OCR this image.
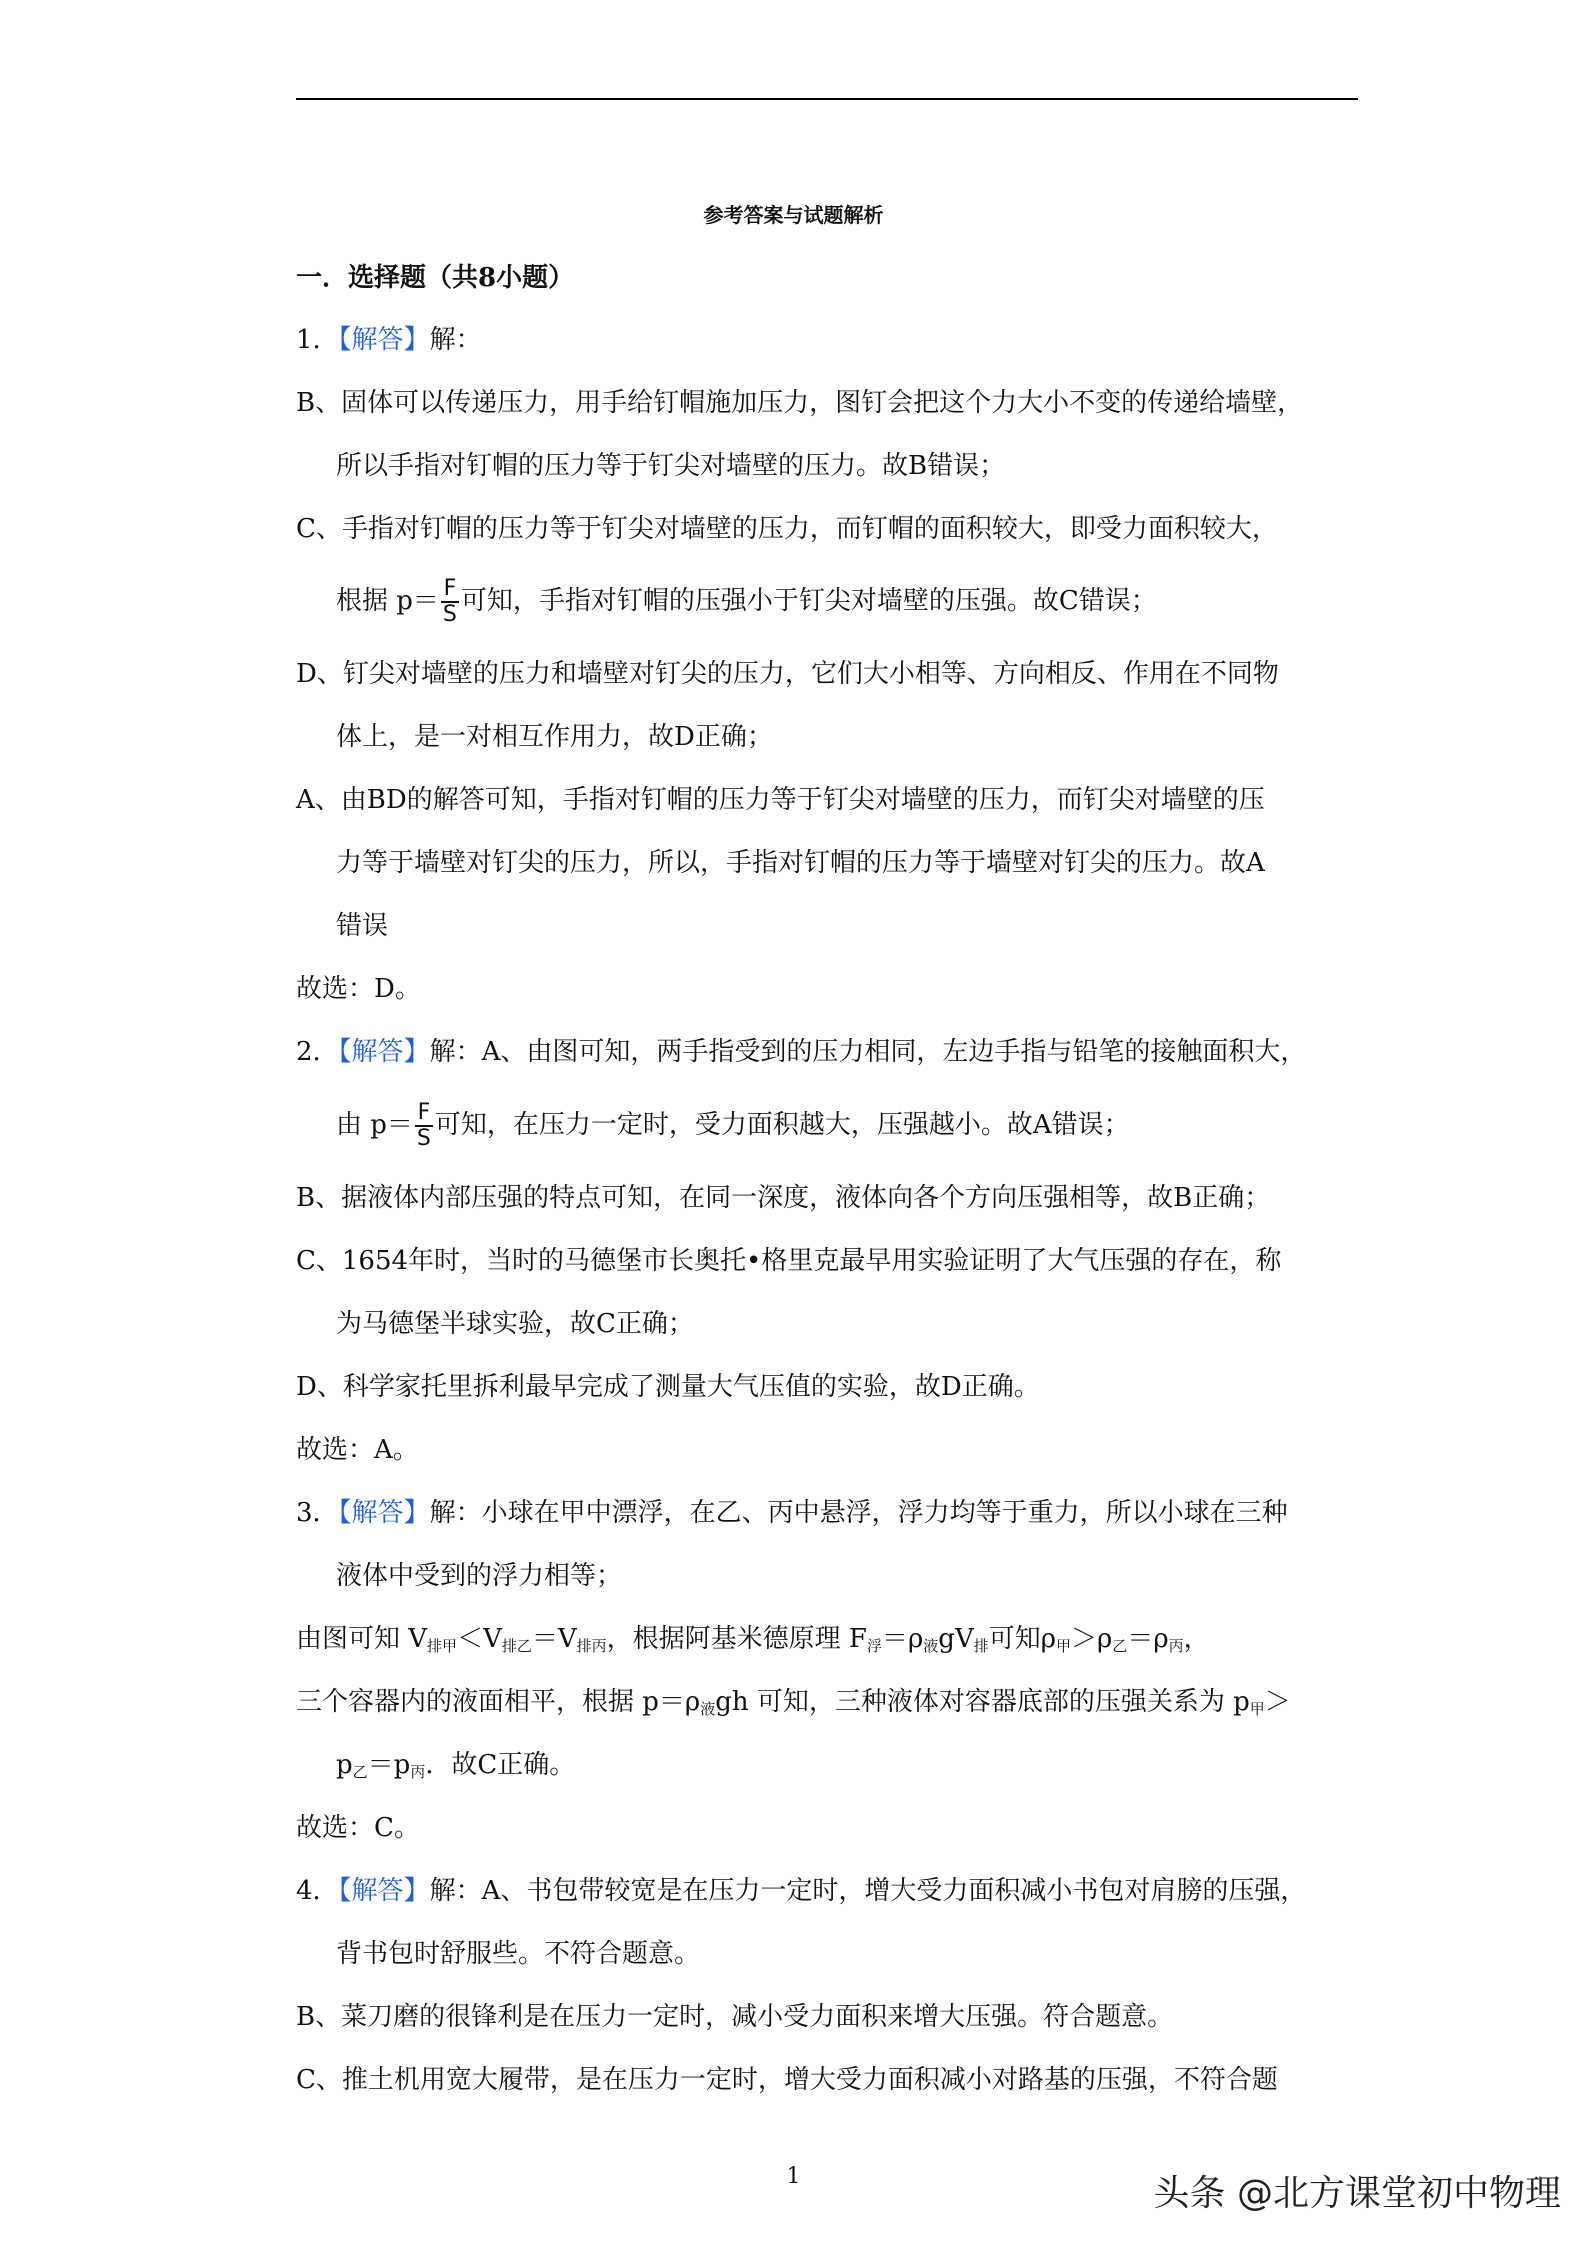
参考答案与试题解析
一．选择题（共8小题）
1．【解答】解：
B、固体可以传递压力，用手给钉帽施加压力，图钉会把这个力大小不变的传递给墙壁，
所以手指对钉帽的压力等于钉尖对墙壁的压力。故B错误；
C、手指对钉帽的压力等于钉尖对墙壁的压力，而钉帽的面积较大，即受力面积较大，
根据 $p= \frac{F}{S}$ 可知，手指对钉帽的压强小于钉尖对墙壁的压强。故C错误；
D、钉尖对墙壁的压力和墙壁对钉尖的压力，它们大小相等、方向相反、作用在不同物
体上，是一对相互作用力，故D正确；
A、由BD的解答可知，手指对钉帽的压力等于钉尖对墙壁的压力，而钉尖对墙壁的压
力等于墙壁对钉尖的压力，所以，手指对钉帽的压力等于墙壁对钉尖的压力。故A
错误
故选：D。
2．【解答】解：A、由图可知，两手指受到的压力相同，左边手指与铅笔的接触面积大，
由 $p= \frac{F}{S}$ 可知，在压力一定时，受力面积越大，压强越小。故A错误；
B、据液体内部压强的特点可知，在同一深度，液体向各个方向压强相等，故B正确；
C、1654年时，当时的马德堡市长奥托•格里克最早用实验证明了大气压强的存在，称
为马德堡半球实验，故C正确；
D、科学家托里拆利最早完成了测量大气压值的实验，故D正确。
故选：A。
3．【解答】解：小球在甲中漂浮，在乙、丙中悬浮，浮力均等于重力，所以小球在三种
液体中受到的浮力相等；
由图可知 $V_{排甲}<V_{排乙}=V_{排丙}$，根据阿基米德原理 $F_浮=\rho_液gV_排$可知$\rho_甲>\rho_乙=\rho_丙$，
三个容器内的液面相平，根据 $p=\rho_液gh$ 可知，三种液体对容器底部的压强关系为 $p_甲>$
$p_乙=p_丙$．故C正确。
故选：C。
4．【解答】解：A、书包带较宽是在压力一定时，增大受力面积减小书包对肩膀的压强，
背书包时舒服些。不符合题意。
B、菜刀磨的很锋利是在压力一定时，减小受力面积来增大压强。符合题意。
C、推土机用宽大履带，是在压力一定时，增大受力面积减小对路基的压强，不符合题
1	头条 @北方课堂初中物理
